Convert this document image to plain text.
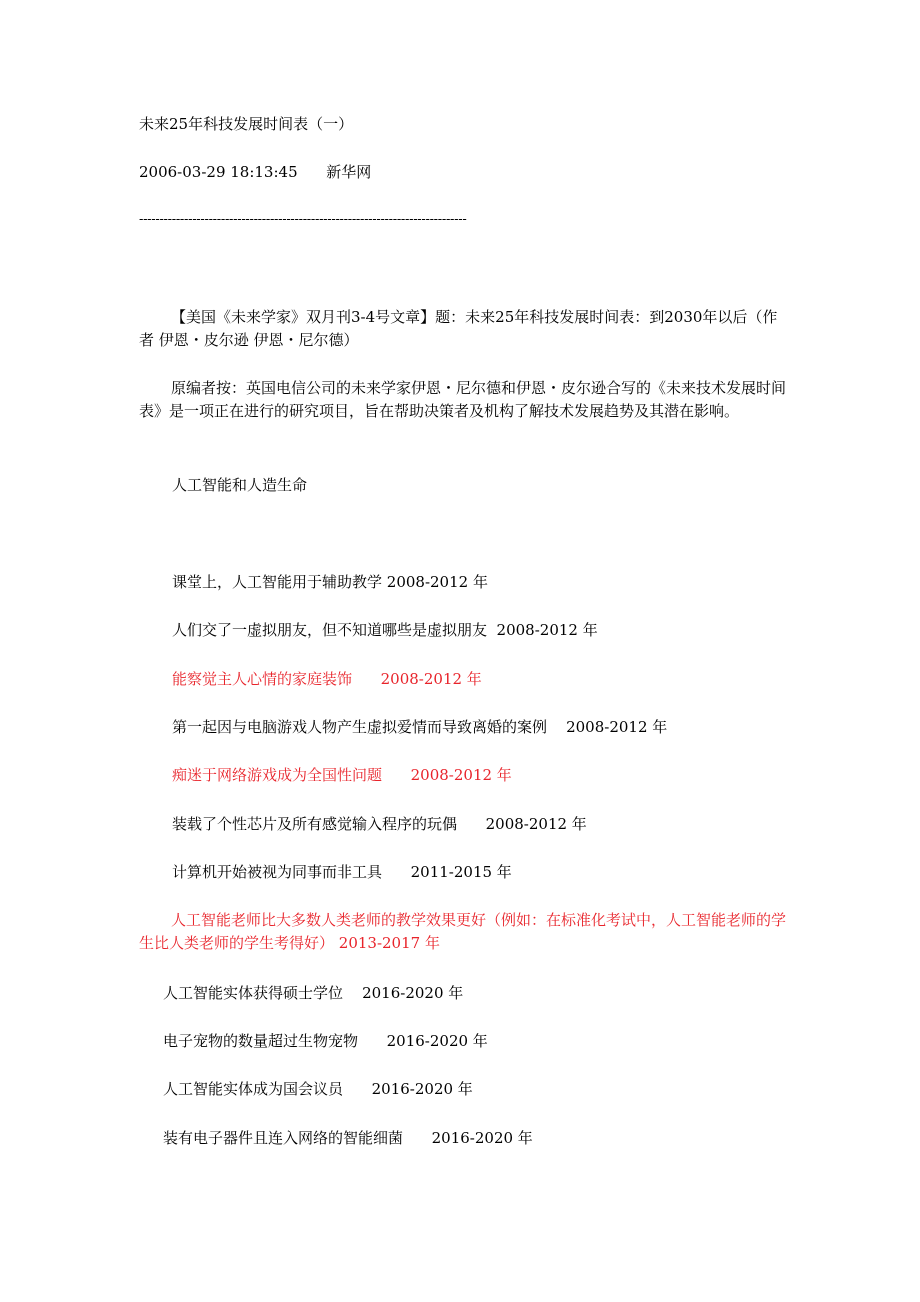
未来25年科技发展时间表（一）
2006-03-29 18:13:45 新华网
--------------------------------------------------------------------------------
【美国《未来学家》双月刊3-4号文章】题：未来25年科技发展时间表：到2030年以后（作者 伊恩・皮尔逊 伊恩・尼尔德）
原编者按：英国电信公司的未来学家伊恩・尼尔德和伊恩・皮尔逊合写的《未来技术发展时间表》是一项正在进行的研究项目，旨在帮助决策者及机构了解技术发展趋势及其潜在影响。
人工智能和人造生命
课堂上，人工智能用于辅助教学 2008-2012 年
人们交了一虚拟朋友，但不知道哪些是虚拟朋友  2008-2012 年
能察觉主人心情的家庭装饰      2008-2012 年
第一起因与电脑游戏人物产生虚拟爱情而导致离婚的案例    2008-2012 年
痴迷于网络游戏成为全国性问题      2008-2012 年
装载了个性芯片及所有感觉输入程序的玩偶      2008-2012 年
计算机开始被视为同事而非工具      2011-2015 年
人工智能老师比大多数人类老师的教学效果更好（例如：在标准化考试中，人工智能老师的学生比人类老师的学生考得好） 2013-2017 年
人工智能实体获得硕士学位    2016-2020 年
电子宠物的数量超过生物宠物      2016-2020 年
人工智能实体成为国会议员      2016-2020 年
装有电子器件且连入网络的智能细菌      2016-2020 年
